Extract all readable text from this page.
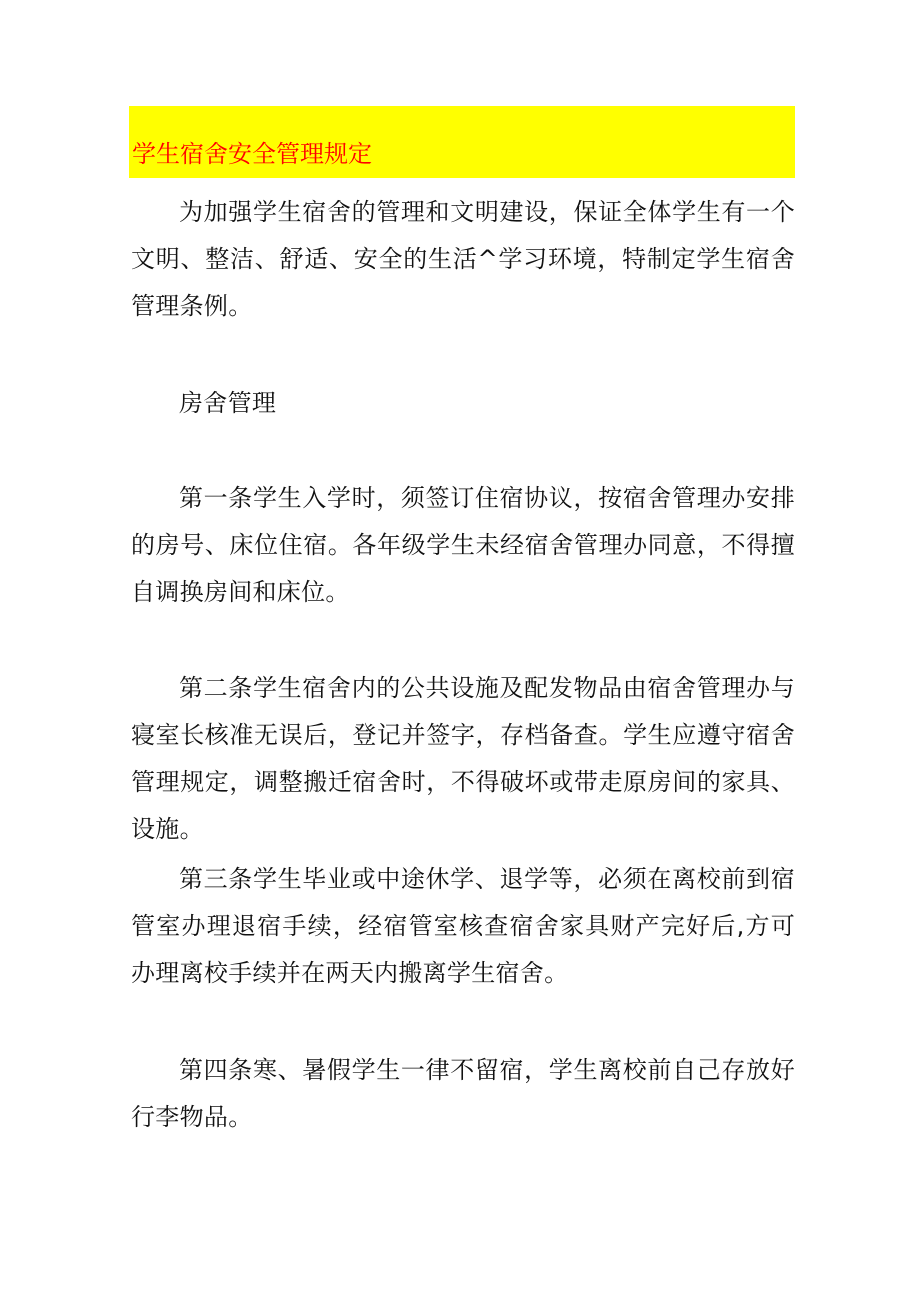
学生宿舍安全管理规定

为加强学生宿舍的管理和文明建设，保证全体学生有一个文明、整洁、舒适、安全的生活^学习环境，特制定学生宿舍管理条例。

房舍管理

第一条学生入学时，须签订住宿协议，按宿舍管理办安排的房号、床位住宿。各年级学生未经宿舍管理办同意，不得擅自调换房间和床位。

第二条学生宿舍内的公共设施及配发物品由宿舍管理办与寝室长核准无误后，登记并签字，存档备查。学生应遵守宿舍管理规定，调整搬迁宿舍时，不得破坏或带走原房间的家具、设施。

第三条学生毕业或中途休学、退学等，必须在离校前到宿管室办理退宿手续，经宿管室核查宿舍家具财产完好后,方可办理离校手续并在两天内搬离学生宿舍。

第四条寒、暑假学生一律不留宿，学生离校前自己存放好行李物品。
